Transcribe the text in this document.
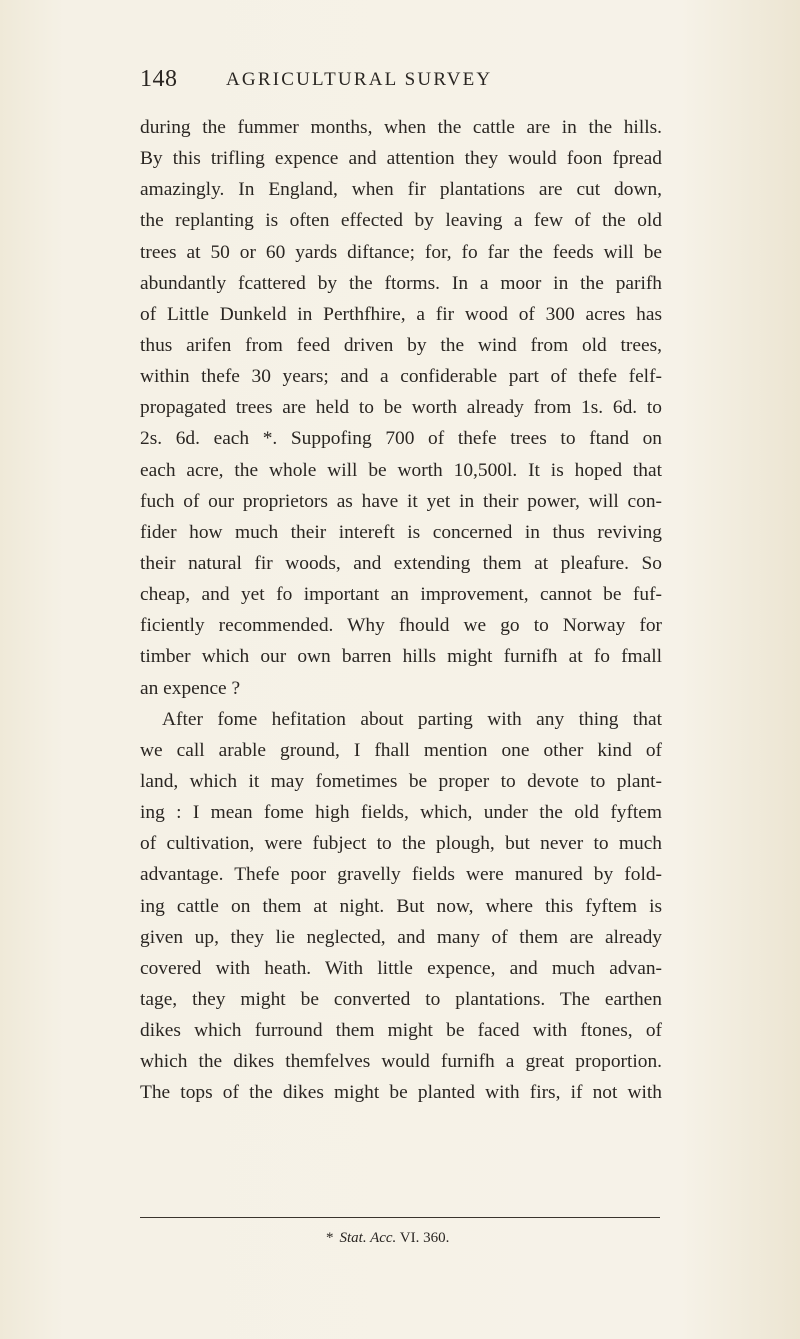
148	AGRICULTURAL SURVEY
during the fummer months, when the cattle are in the hills.
By this trifling expence and attention they would foon fpread
amazingly. In England, when fir plantations are cut down,
the replanting is often effected by leaving a few of the old
trees at 50 or 60 yards diftance; for, fo far the feeds will be
abundantly fcattered by the ftorms. In a moor in the parifh
of Little Dunkeld in Perthfhire, a fir wood of 300 acres has
thus arifen from feed driven by the wind from old trees,
within thefe 30 years; and a confiderable part of thefe felf-
propagated trees are held to be worth already from 1s. 6d. to
2s. 6d. each *. Suppofing 700 of thefe trees to ftand on
each acre, the whole will be worth 10,500l. It is hoped that
fuch of our proprietors as have it yet in their power, will con-
fider how much their intereft is concerned in thus reviving
their natural fir woods, and extending them at pleafure. So
cheap, and yet fo important an improvement, cannot be fuf-
ficiently recommended. Why fhould we go to Norway for
timber which our own barren hills might furnifh at fo fmall
an expence ?
After fome hefitation about parting with any thing that
we call arable ground, I fhall mention one other kind of
land, which it may fometimes be proper to devote to plant-
ing : I mean fome high fields, which, under the old fyftem
of cultivation, were fubject to the plough, but never to much
advantage. Thefe poor gravelly fields were manured by fold-
ing cattle on them at night. But now, where this fyftem is
given up, they lie neglected, and many of them are already
covered with heath. With little expence, and much advan-
tage, they might be converted to plantations. The earthen
dikes which furround them might be faced with ftones, of
which the dikes themfelves would furnifh a great proportion.
The tops of the dikes might be planted with firs, if not with
* Stat. Acc. VI. 360.
